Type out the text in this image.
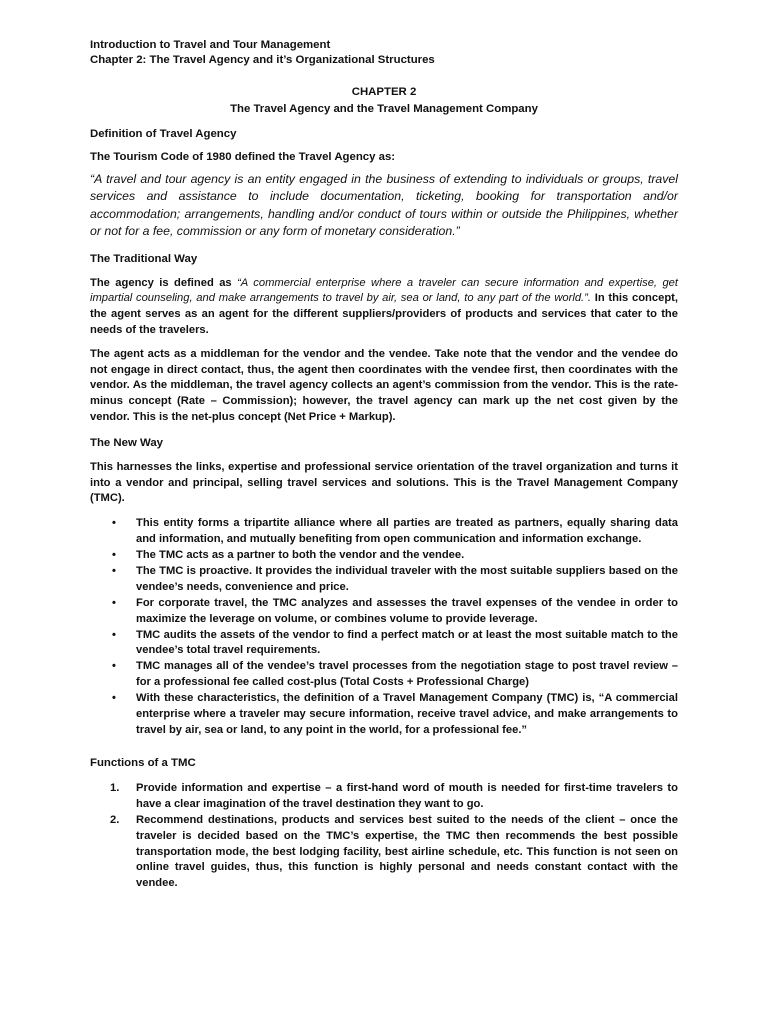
Introduction to Travel and Tour Management

Chapter 2: The Travel Agency and it’s Organizational Structures

CHAPTER 2

The Travel Agency and the Travel Management Company

Definition of Travel Agency

The Tourism Code of 1980 defined the Travel Agency as:

“A travel and tour agency is an entity engaged in the business of extending to individuals or groups, travel services and assistance to include documentation, ticketing, booking for transportation and/or accommodation; arrangements, handling and/or conduct of tours within or outside the Philippines, whether or not for a fee, commission or any form of monetary consideration.”

The Traditional Way

The agency is defined as “A commercial enterprise where a traveler can secure information and expertise, get impartial counseling, and make arrangements to travel by air, sea or land, to any part of the world.”. In this concept, the agent serves as an agent for the different suppliers/providers of products and services that cater to the needs of the travelers.

The agent acts as a middleman for the vendor and the vendee. Take note that the vendor and the vendee do not engage in direct contact, thus, the agent then coordinates with the vendee first, then coordinates with the vendor. As the middleman, the travel agency collects an agent’s commission from the vendor. This is the rate-minus concept (Rate – Commission); however, the travel agency can mark up the net cost given by the vendor. This is the net-plus concept (Net Price + Markup).

The New Way

This harnesses the links, expertise and professional service orientation of the travel organization and turns it into a vendor and principal, selling travel services and solutions. This is the Travel Management Company (TMC).

• This entity forms a tripartite alliance where all parties are treated as partners, equally sharing data and information, and mutually benefiting from open communication and information exchange.
• The TMC acts as a partner to both the vendor and the vendee.
• The TMC is proactive. It provides the individual traveler with the most suitable suppliers based on the vendee’s needs, convenience and price.
• For corporate travel, the TMC analyzes and assesses the travel expenses of the vendee in order to maximize the leverage on volume, or combines volume to provide leverage.
• TMC audits the assets of the vendor to find a perfect match or at least the most suitable match to the vendee’s total travel requirements.
• TMC manages all of the vendee’s travel processes from the negotiation stage to post travel review – for a professional fee called cost-plus (Total Costs + Professional Charge)
• With these characteristics, the definition of a Travel Management Company (TMC) is, “A commercial enterprise where a traveler may secure information, receive travel advice, and make arrangements to travel by air, sea or land, to any point in the world, for a professional fee.”

Functions of a TMC

1. Provide information and expertise – a first-hand word of mouth is needed for first-time travelers to have a clear imagination of the travel destination they want to go.
2. Recommend destinations, products and services best suited to the needs of the client – once the traveler is decided based on the TMC’s expertise, the TMC then recommends the best possible transportation mode, the best lodging facility, best airline schedule, etc. This function is not seen on online travel guides, thus, this function is highly personal and needs constant contact with the vendee.
